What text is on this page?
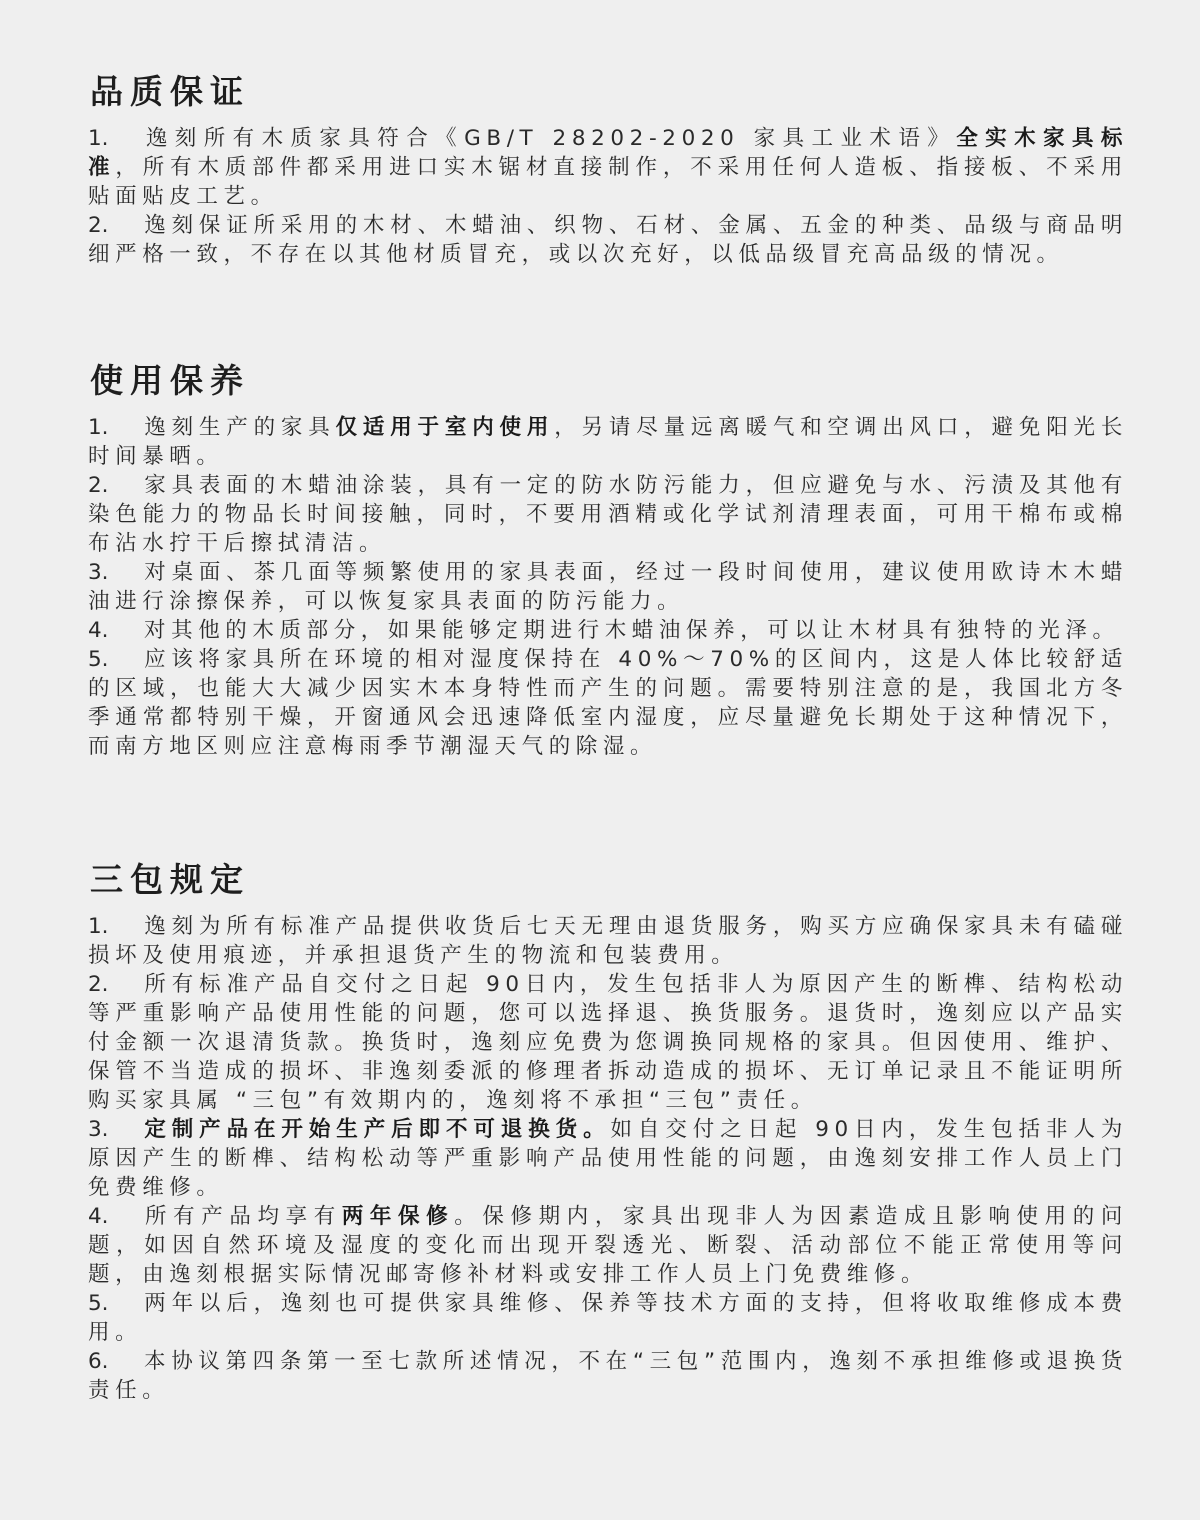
品质保证

1. 逸刻所有木质家具符合《GB/T 28202-2020 家具工业术语》全实木家具标准，所有木质部件都采用进口实木锯材直接制作，不采用任何人造板、指接板、不采用贴面贴皮工艺。

2. 逸刻保证所采用的木材、木蜡油、织物、石材、金属、五金的种类、品级与商品明细严格一致，不存在以其他材质冒充，或以次充好，以低品级冒充高品级的情况。

使用保养

1. 逸刻生产的家具仅适用于室内使用，另请尽量远离暖气和空调出风口，避免阳光长时间暴晒。

2. 家具表面的木蜡油涂装，具有一定的防水防污能力，但应避免与水、污渍及其他有染色能力的物品长时间接触，同时，不要用酒精或化学试剂清理表面，可用干棉布或棉布沾水拧干后擦拭清洁。

3. 对桌面、茶几面等频繁使用的家具表面，经过一段时间使用，建议使用欧诗木木蜡油进行涂擦保养，可以恢复家具表面的防污能力。

4. 对其他的木质部分，如果能够定期进行木蜡油保养，可以让木材具有独特的光泽。

5. 应该将家具所在环境的相对湿度保持在 40%～70%的区间内，这是人体比较舒适的区域，也能大大减少因实木本身特性而产生的问题。需要特别注意的是，我国北方冬季通常都特别干燥，开窗通风会迅速降低室内湿度，应尽量避免长期处于这种情况下，而南方地区则应注意梅雨季节潮湿天气的除湿。

三包规定

1. 逸刻为所有标准产品提供收货后七天无理由退货服务，购买方应确保家具未有磕碰损坏及使用痕迹，并承担退货产生的物流和包装费用。

2. 所有标准产品自交付之日起 90日内，发生包括非人为原因产生的断榫、结构松动等严重影响产品使用性能的问题，您可以选择退、换货服务。退货时，逸刻应以产品实付金额一次退清货款。换货时，逸刻应免费为您调换同规格的家具。但因使用、维护、保管不当造成的损坏、非逸刻委派的修理者拆动造成的损坏、无订单记录且不能证明所购买家具属 “三包”有效期内的，逸刻将不承担“三包”责任。

3. 定制产品在开始生产后即不可退换货。如自交付之日起 90日内，发生包括非人为原因产生的断榫、结构松动等严重影响产品使用性能的问题，由逸刻安排工作人员上门免费维修。

4. 所有产品均享有两年保修。保修期内，家具出现非人为因素造成且影响使用的问题，如因自然环境及湿度的变化而出现开裂透光、断裂、活动部位不能正常使用等问题，由逸刻根据实际情况邮寄修补材料或安排工作人员上门免费维修。

5. 两年以后，逸刻也可提供家具维修、保养等技术方面的支持，但将收取维修成本费用。

6. 本协议第四条第一至七款所述情况，不在“三包”范围内，逸刻不承担维修或退换货责任。
